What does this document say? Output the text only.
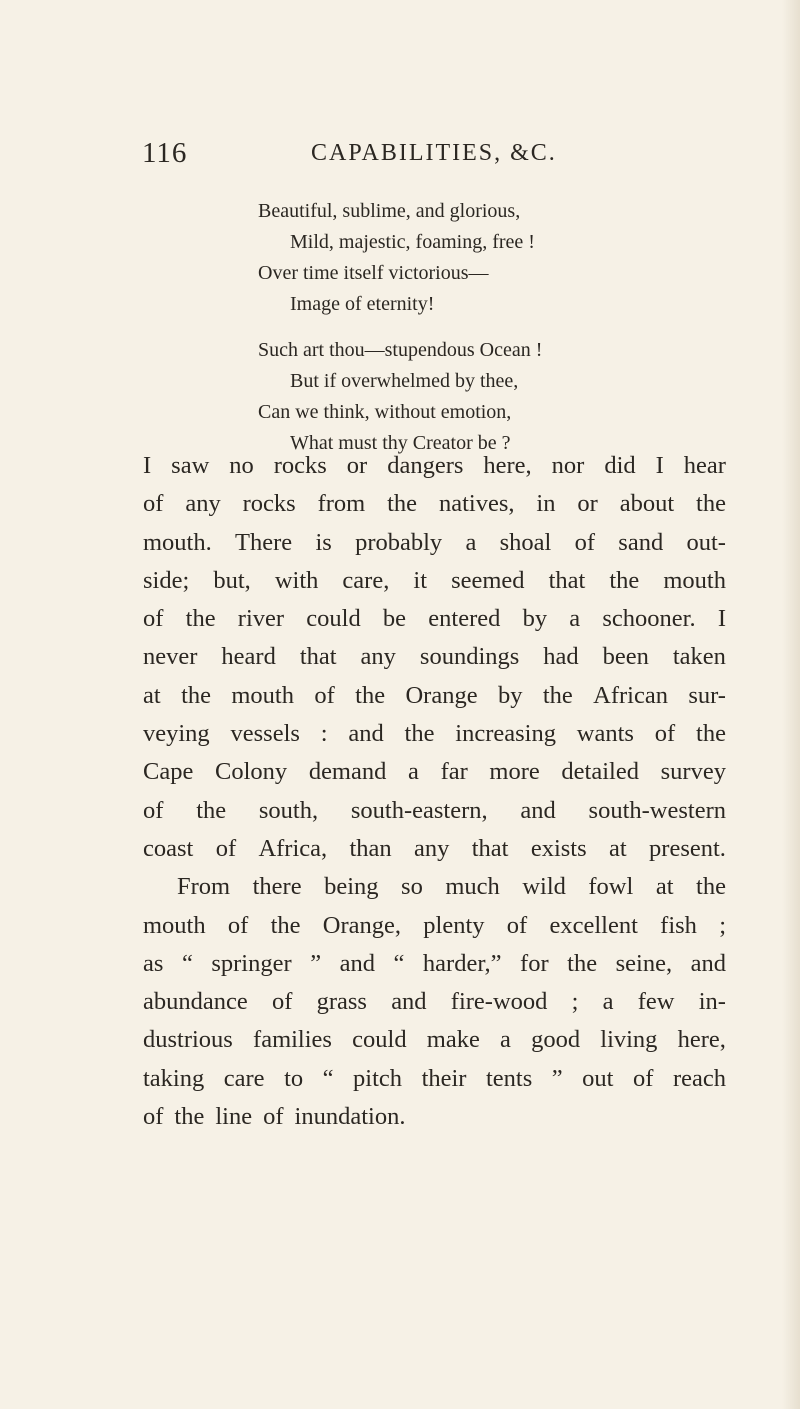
116	CAPABILITIES, &C.
Beautiful, sublime, and glorious,
Mild, majestic, foaming, free !
Over time itself victorious—
Image of eternity!
Such art thou—stupendous Ocean !
But if overwhelmed by thee,
Can we think, without emotion,
What must thy Creator be ?
I saw no rocks or dangers here, nor did I hear
of any rocks from the natives, in or about the
mouth. There is probably a shoal of sand out-
side; but, with care, it seemed that the mouth
of the river could be entered by a schooner. I
never heard that any soundings had been taken
at the mouth of the Orange by the African sur-
veying vessels : and the increasing wants of the
Cape Colony demand a far more detailed survey
of the south, south-eastern, and south-western
coast of Africa, than any that exists at present.
From there being so much wild fowl at the
mouth of the Orange, plenty of excellent fish ;
as “ springer ” and “ harder,” for the seine, and
abundance of grass and fire-wood ; a few in-
dustrious families could make a good living here,
taking care to “ pitch their tents ” out of reach
of the line of inundation.
